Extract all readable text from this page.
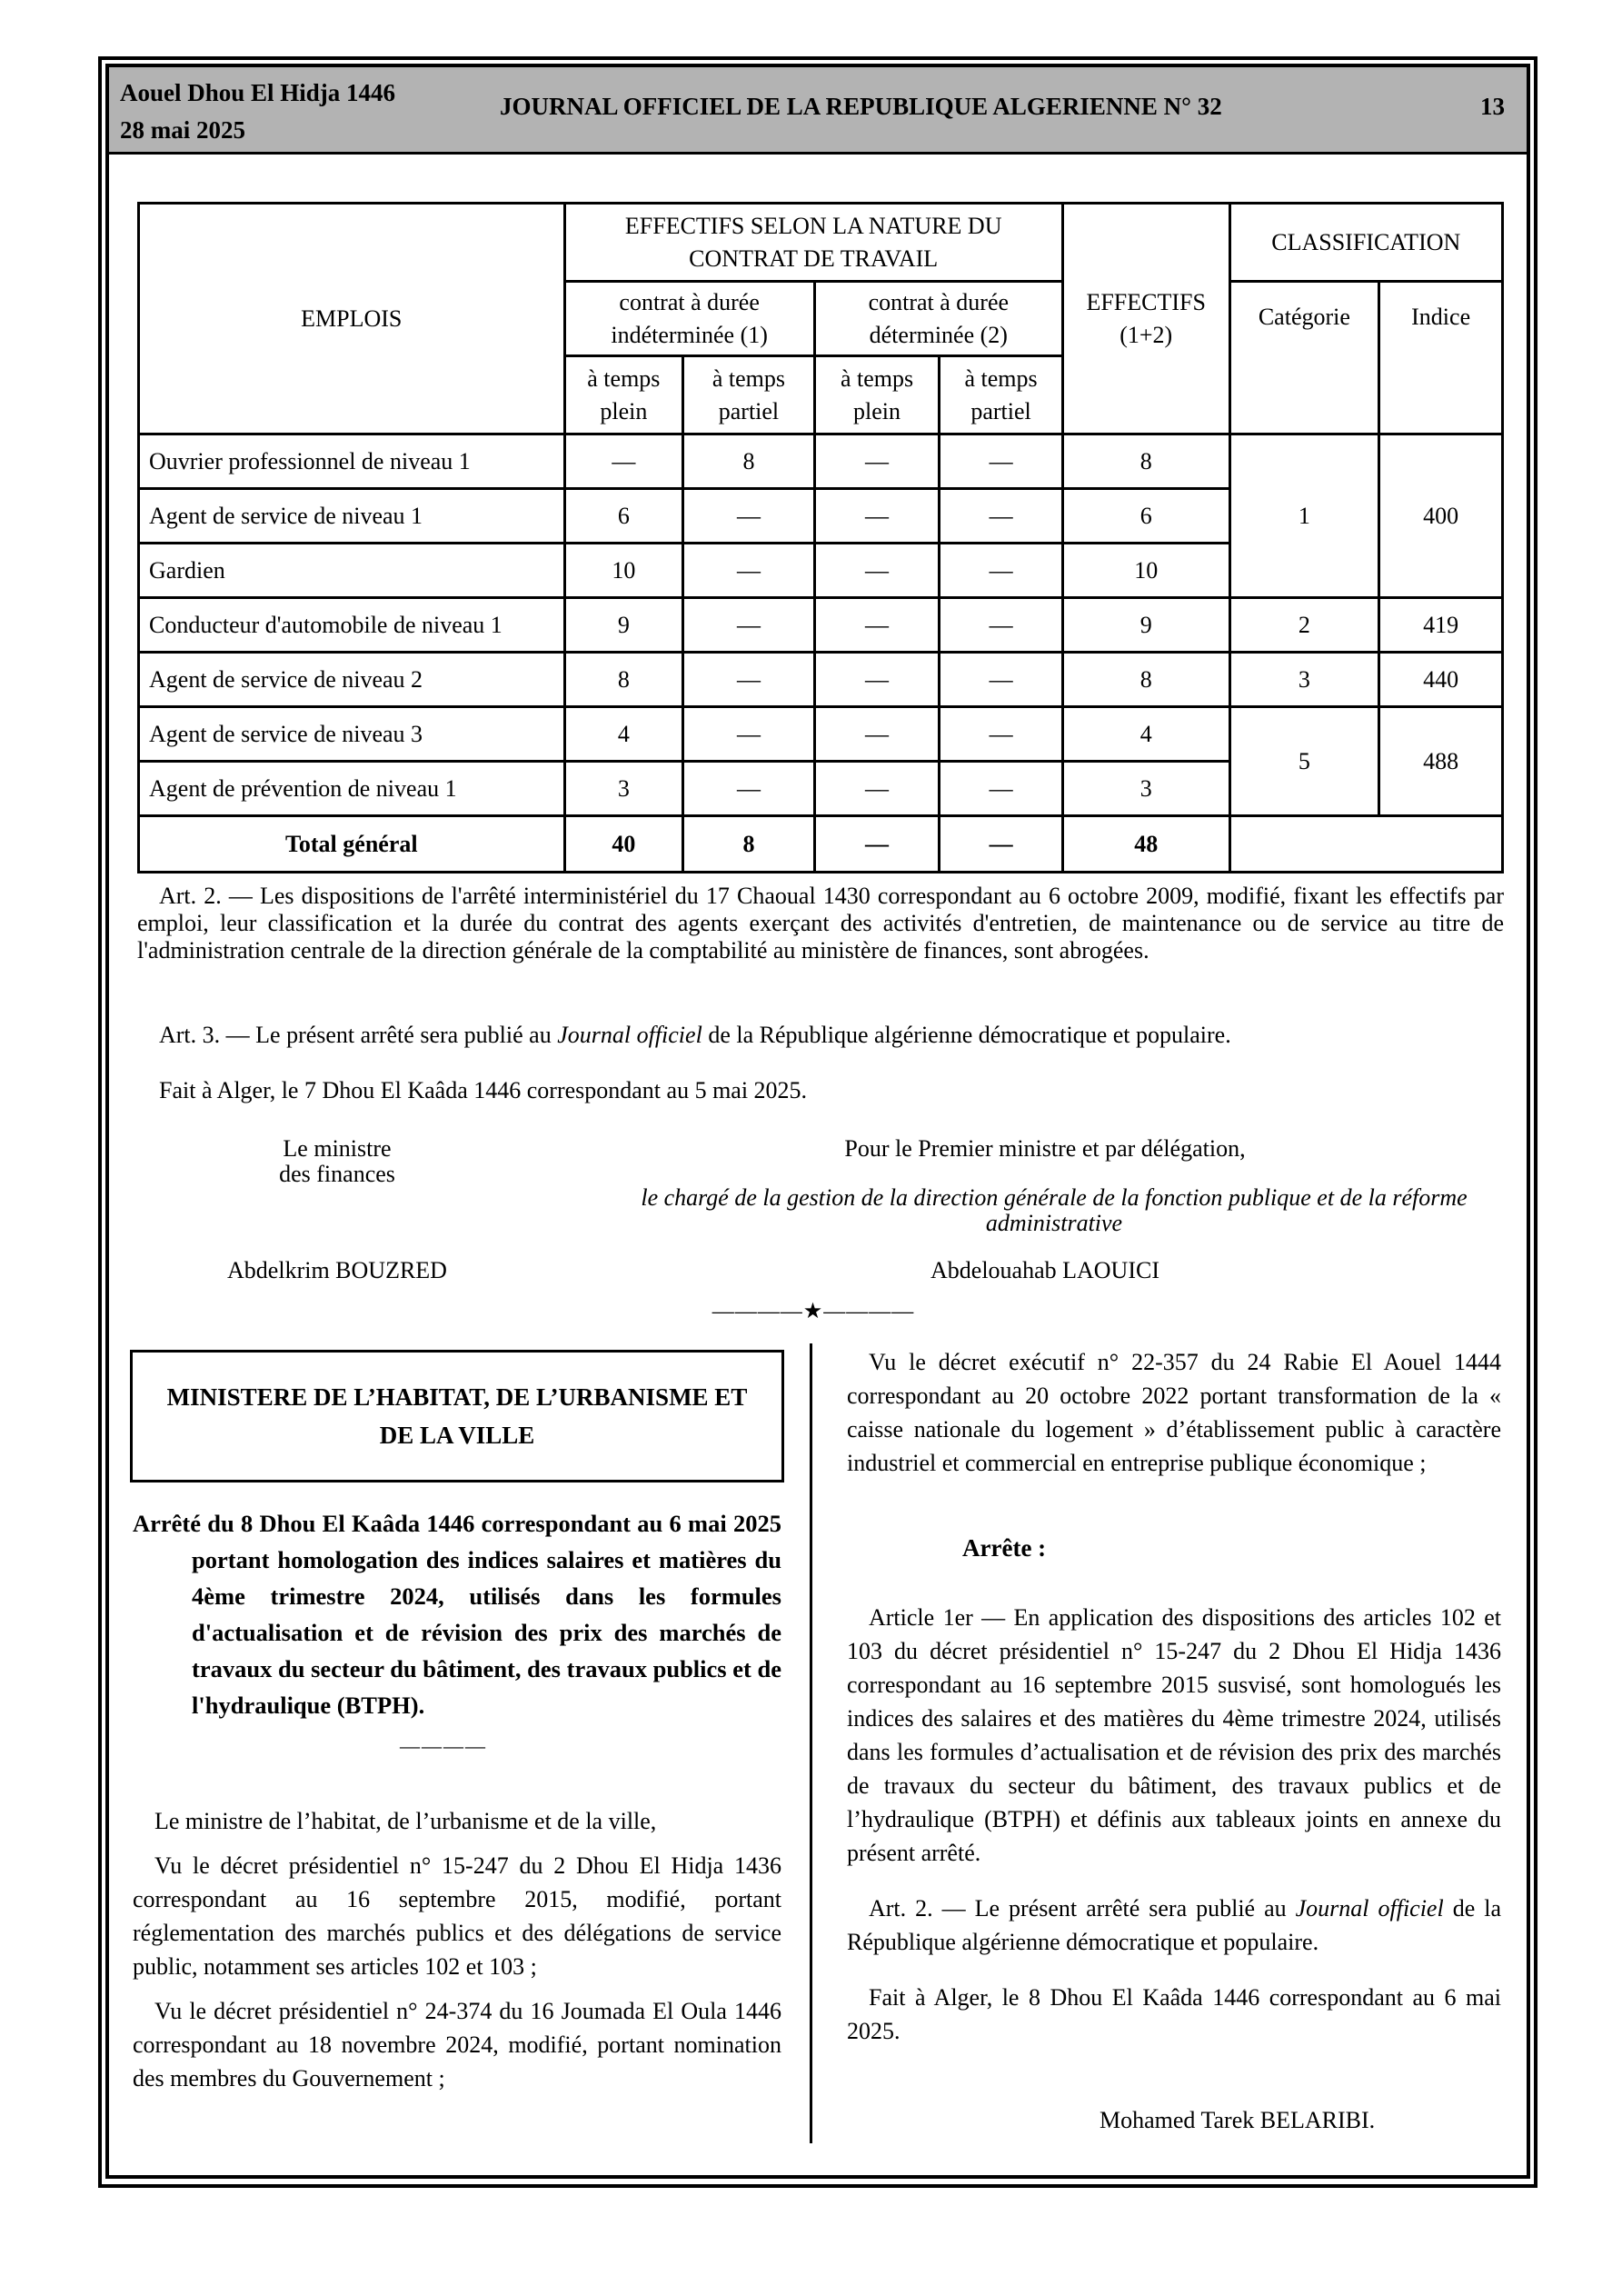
Aouel Dhou El Hidja 1446
28 mai 2025
JOURNAL OFFICIEL DE LA REPUBLIQUE ALGERIENNE N° 32	13
EMPLOIS	EFFECTIFS SELON LA NATURE DU CONTRAT DE TRAVAIL				EFFECTIFS (1+2)	CLASSIFICATION	
	contrat à durée indéterminée (1)		contrat à durée déterminée (2)			Catégorie	Indice
	à temps plein	à temps partiel	à temps plein	à temps partiel			
Ouvrier professionnel de niveau 1	—	8	—	—	8	1	400
Agent de service de niveau 1	6	—	—	—	6		
Gardien	10	—	—	—	10		
Conducteur d'automobile de niveau 1	9	—	—	—	9	2	419
Agent de service de niveau 2	8	—	—	—	8	3	440
Agent de service de niveau 3	4	—	—	—	4	5	488
Agent de prévention de niveau 1	3	—	—	—	3		
Total général	40	8	—	—	48		

Art. 2. — Les dispositions de l'arrêté interministériel du 17 Chaoual 1430 correspondant au 6 octobre 2009, modifié, fixant les effectifs par emploi, leur classification et la durée du contrat des agents exerçant des activités d'entretien, de maintenance ou de service au titre de l'administration centrale de la direction générale de la comptabilité au ministère de finances, sont abrogées.

Art. 3. — Le présent arrêté sera publié au Journal officiel de la République algérienne démocratique et populaire.

Fait à Alger, le 7 Dhou El Kaâda 1446 correspondant au 5 mai 2025.

Le ministre
des finances
Pour le Premier ministre et par délégation,
le chargé de la gestion de la direction générale de la fonction publique et de la réforme administrative
Abdelkrim BOUZRED	Abdelouahab LAOUICI
————★————
MINISTERE DE L’HABITAT, DE L’URBANISME ET DE LA VILLE
Arrêté du 8 Dhou El Kaâda 1446 correspondant au 6 mai 2025 portant homologation des indices salaires et matières du 4ème trimestre 2024, utilisés dans les formules d'actualisation et de révision des prix des marchés de travaux du secteur du bâtiment, des travaux publics et de l'hydraulique (BTPH).
————

Le ministre de l’habitat, de l’urbanisme et de la ville,

Vu le décret présidentiel n° 15-247 du 2 Dhou El Hidja 1436 correspondant au 16 septembre 2015, modifié, portant réglementation des marchés publics et des délégations de service public, notamment ses articles 102 et 103 ;

Vu le décret présidentiel n° 24-374 du 16 Joumada El Oula 1446 correspondant au 18 novembre 2024, modifié, portant nomination des membres du Gouvernement ;

Vu le décret exécutif n° 22-357 du 24 Rabie El Aouel 1444 correspondant au 20 octobre 2022 portant transformation de la « caisse nationale du logement » d’établissement public à caractère industriel et commercial en entreprise publique économique ;

Arrête :

Article 1er — En application des dispositions des articles 102 et 103 du décret présidentiel n° 15-247 du 2 Dhou El Hidja 1436 correspondant au 16 septembre 2015 susvisé, sont homologués les indices des salaires et des matières du 4ème trimestre 2024, utilisés dans les formules d’actualisation et de révision des prix des marchés de travaux du secteur du bâtiment, des travaux publics et de l’hydraulique (BTPH) et définis aux tableaux joints en annexe du présent arrêté.

Art. 2. — Le présent arrêté sera publié au Journal officiel de la République algérienne démocratique et populaire.

Fait à Alger, le 8 Dhou El Kaâda 1446 correspondant au 6 mai 2025.

Mohamed Tarek BELARIBI.
